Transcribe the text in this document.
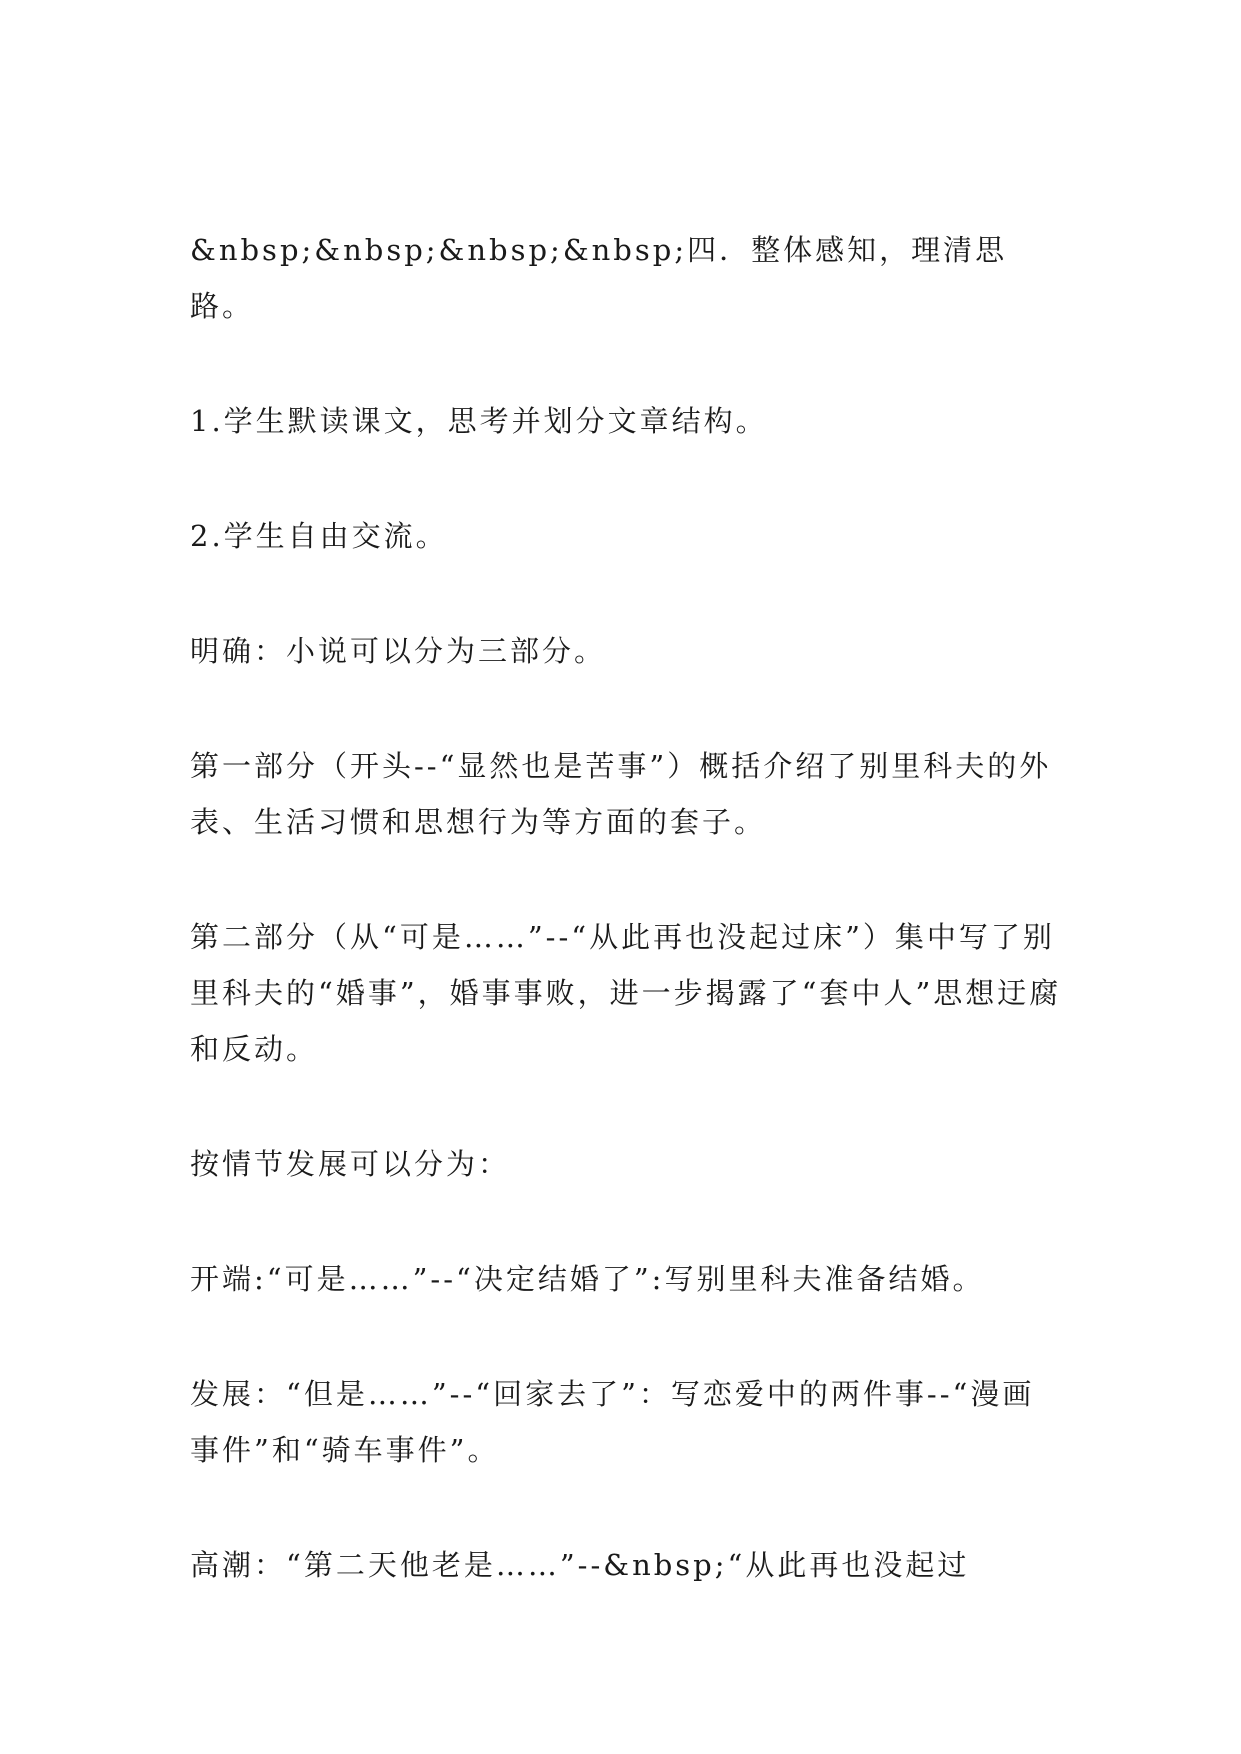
&nbsp;&nbsp;&nbsp;&nbsp;四．整体感知，理清思路。

1.学生默读课文，思考并划分文章结构。

2.学生自由交流。

明确：小说可以分为三部分。

第一部分（开头--“显然也是苦事”）概括介绍了别里科夫的外表、生活习惯和思想行为等方面的套子。

第二部分（从“可是……”--“从此再也没起过床”）集中写了别里科夫的“婚事”，婚事事败，进一步揭露了“套中人”思想迂腐和反动。

按情节发展可以分为：

开端:“可是……”--“决定结婚了”:写别里科夫准备结婚。

发展：“但是……”--“回家去了”：写恋爱中的两件事--“漫画事件”和“骑车事件”。

高潮：“第二天他老是……”--&nbsp;“从此再也没起过
